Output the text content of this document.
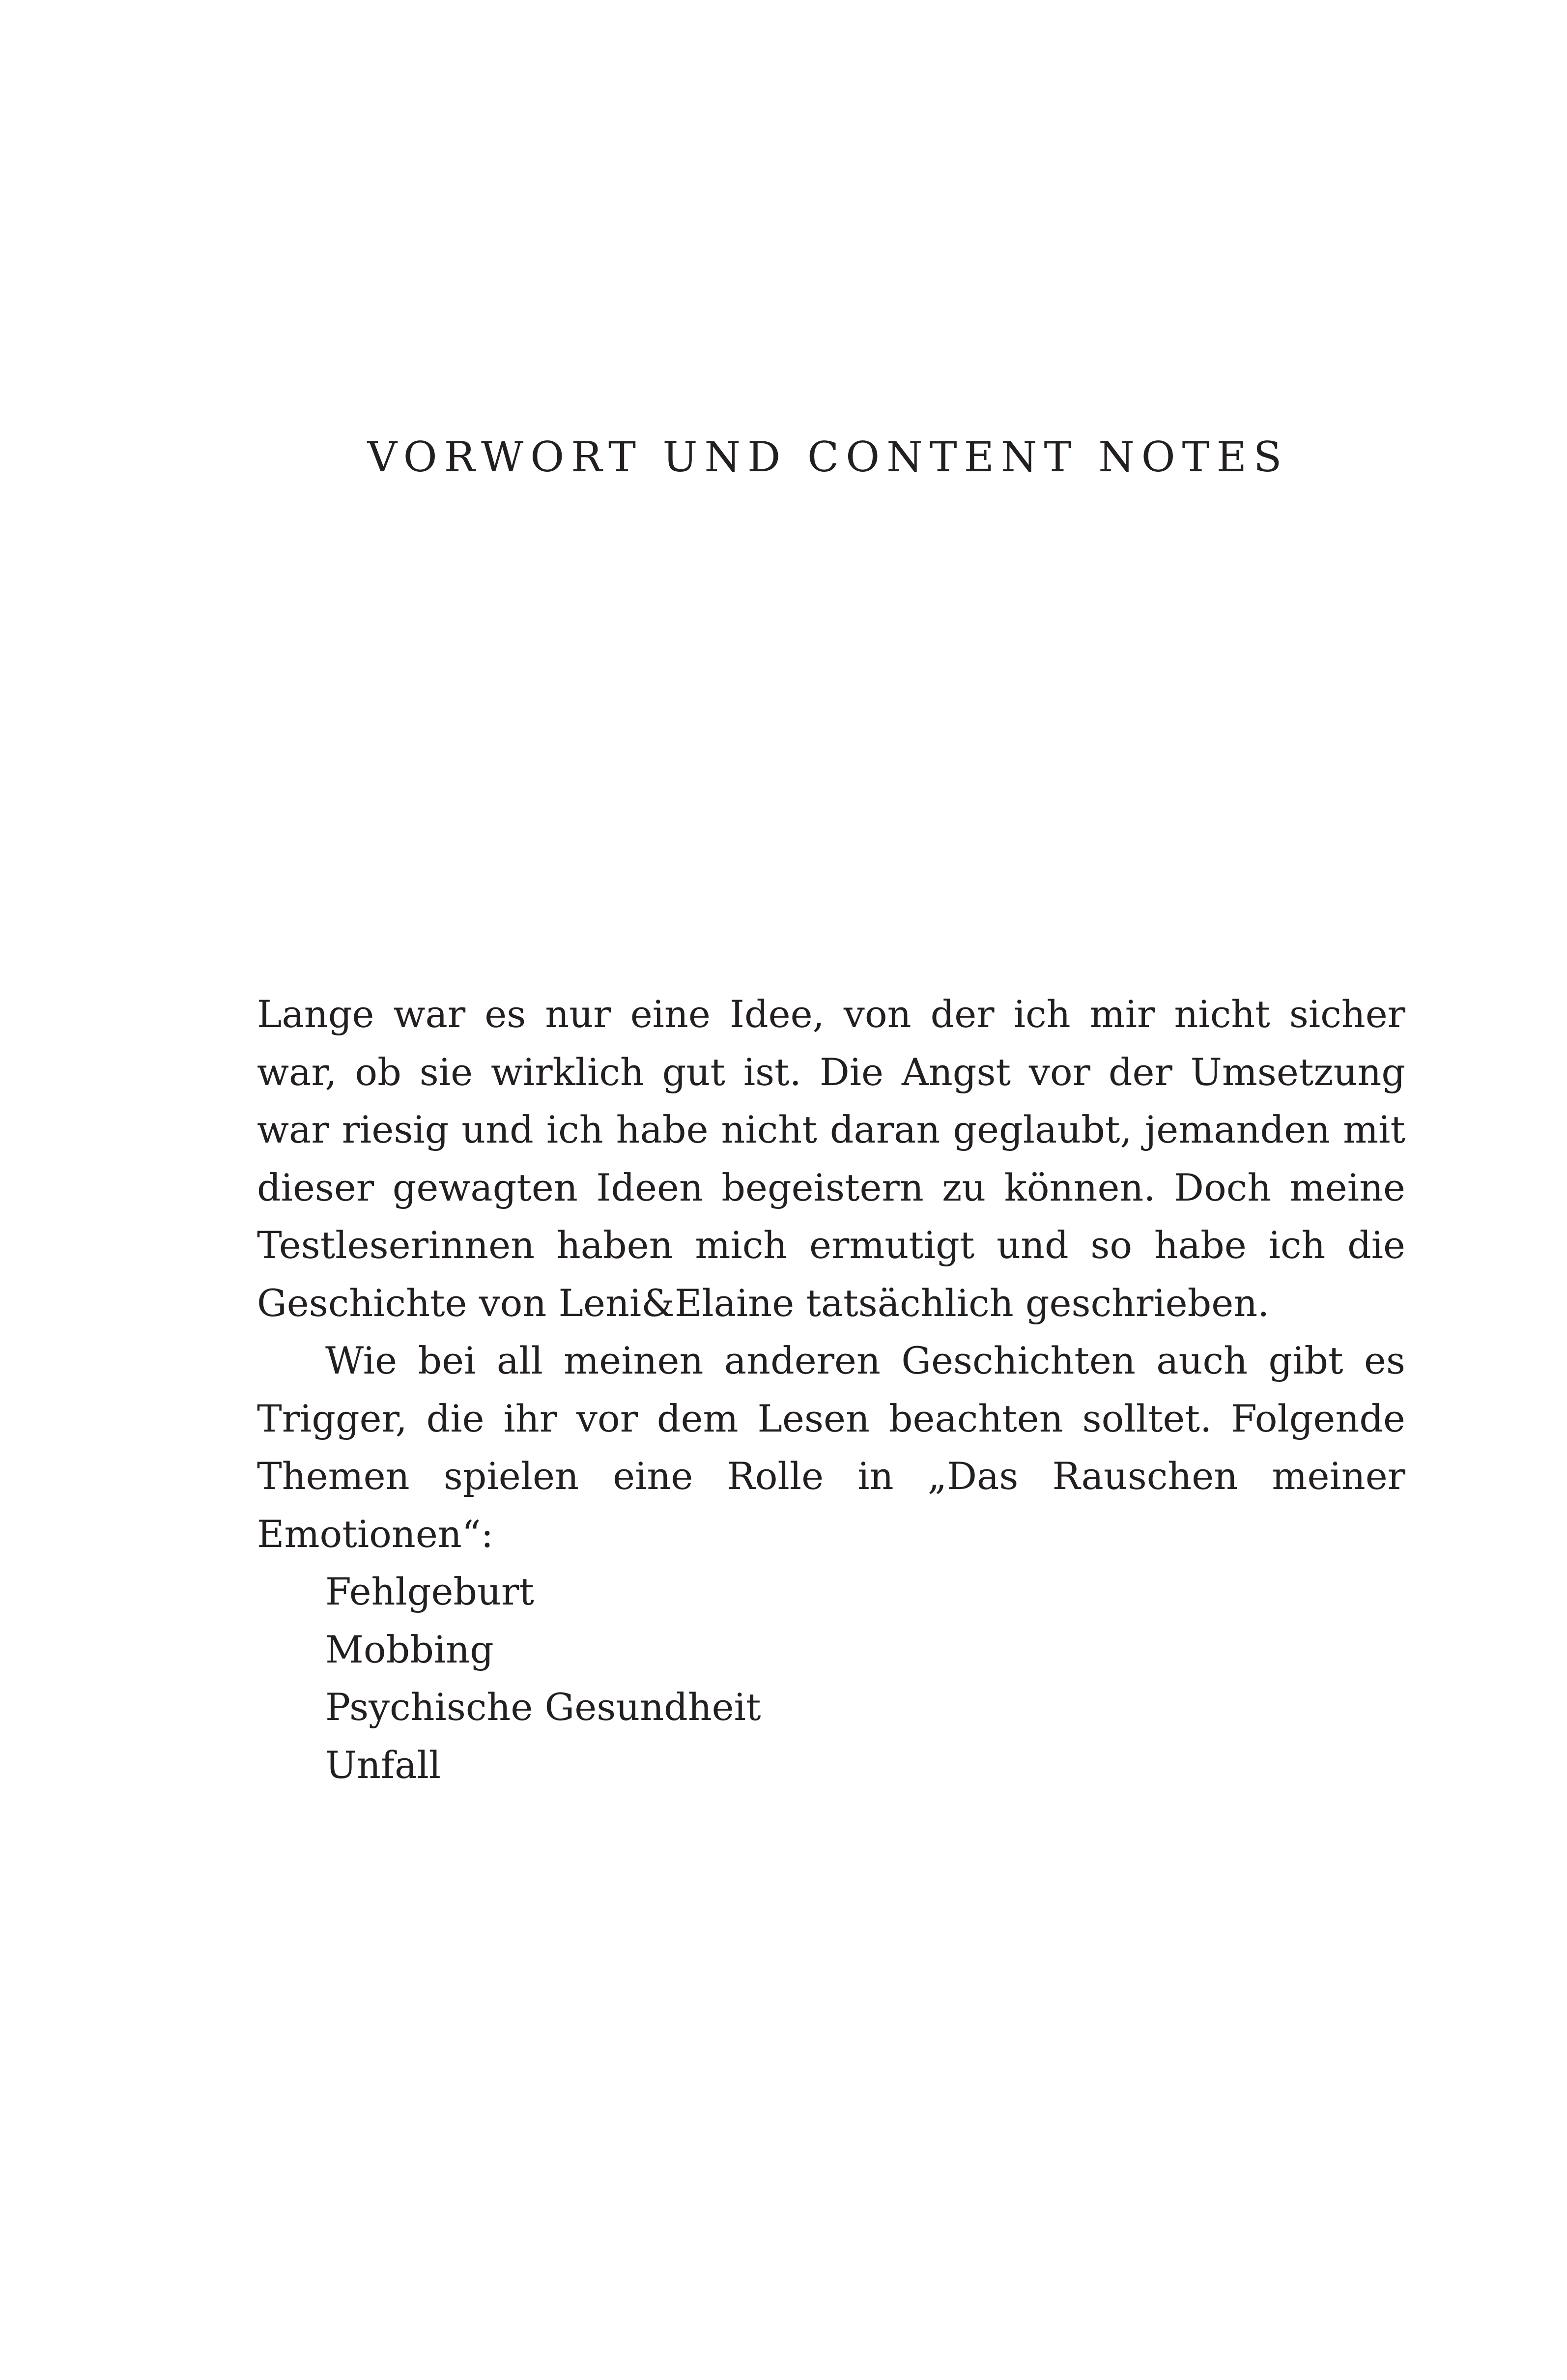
VORWORT UND CONTENT NOTES

Lange war es nur eine Idee, von der ich mir nicht sicher war, ob sie wirklich gut ist. Die Angst vor der Umsetzung war riesig und ich habe nicht daran geglaubt, jemanden mit dieser gewagten Ideen begeistern zu können. Doch meine Testleserinnen haben mich ermutigt und so habe ich die Geschichte von Leni&Elaine tatsächlich geschrieben.

Wie bei all meinen anderen Geschichten auch gibt es Trigger, die ihr vor dem Lesen beachten solltet. Folgende Themen spielen eine Rolle in „Das Rauschen meiner Emotionen“:

Fehlgeburt
Mobbing
Psychische Gesundheit
Unfall
